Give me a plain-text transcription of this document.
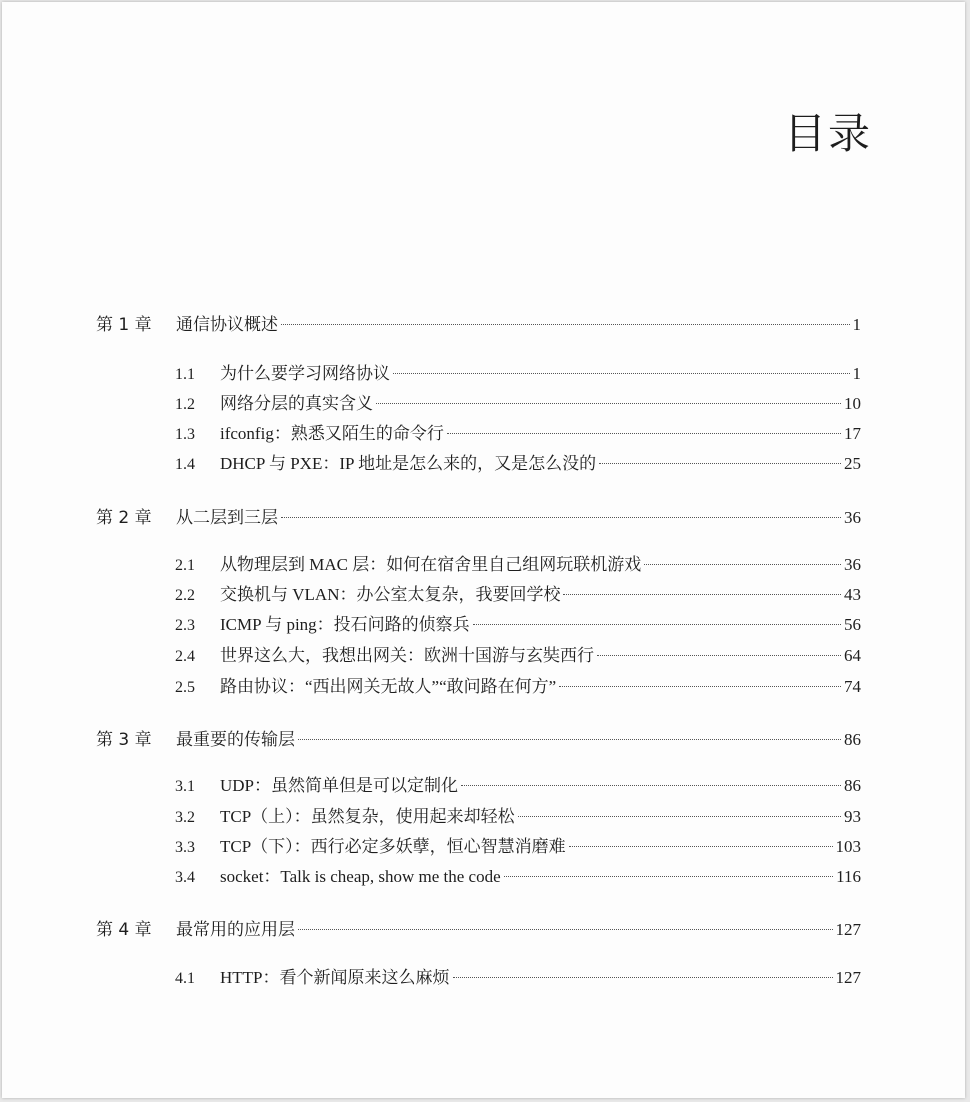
目录
第 1 章	通信协议概述	1
1.1	为什么要学习网络协议	1
1.2	网络分层的真实含义	10
1.3	ifconfig：熟悉又陌生的命令行	17
1.4	DHCP 与 PXE：IP 地址是怎么来的，又是怎么没的	25
第 2 章	从二层到三层	36
2.1	从物理层到 MAC 层：如何在宿舍里自己组网玩联机游戏	36
2.2	交换机与 VLAN：办公室太复杂，我要回学校	43
2.3	ICMP 与 ping：投石问路的侦察兵	56
2.4	世界这么大，我想出网关：欧洲十国游与玄奘西行	64
2.5	路由协议：“西出网关无故人”“敢问路在何方”	74
第 3 章	最重要的传输层	86
3.1	UDP：虽然简单但是可以定制化	86
3.2	TCP（上）：虽然复杂，使用起来却轻松	93
3.3	TCP（下）：西行必定多妖孽，恒心智慧消磨难	103
3.4	socket：Talk is cheap, show me the code	116
第 4 章	最常用的应用层	127
4.1	HTTP：看个新闻原来这么麻烦	127
